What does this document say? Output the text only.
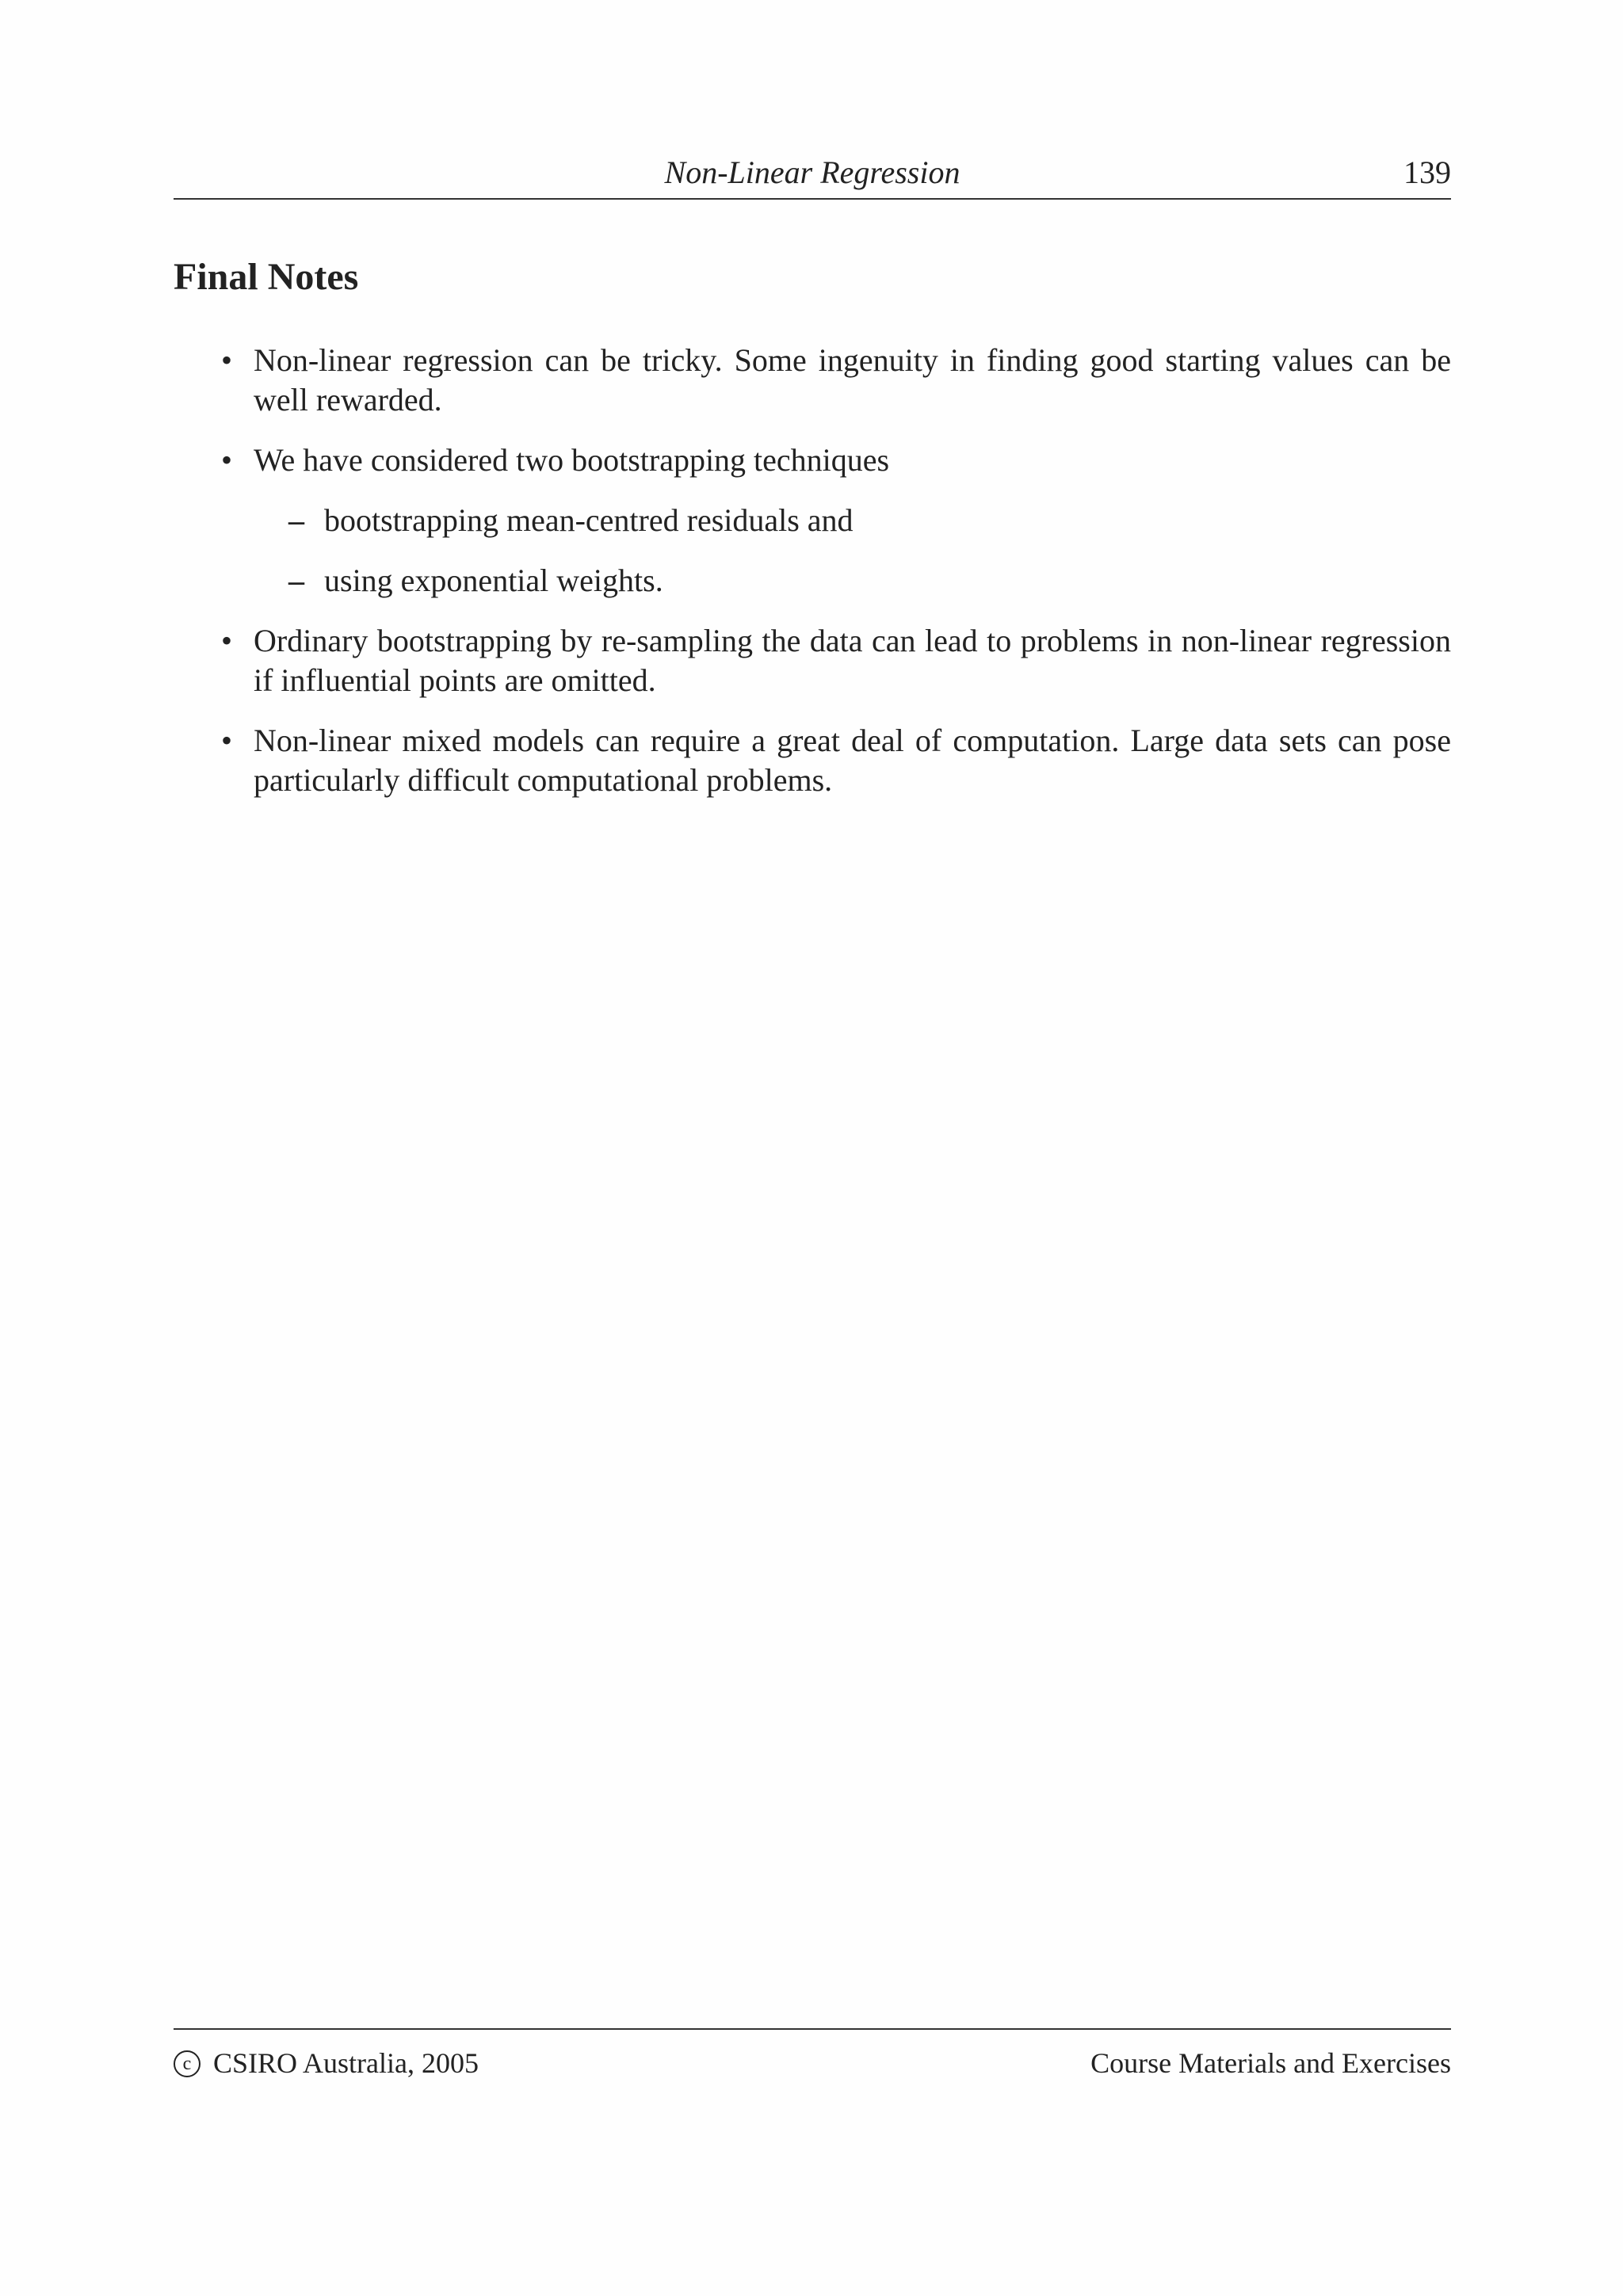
Non-Linear Regression	139
Final Notes
• Non-linear regression can be tricky. Some ingenuity in finding good starting values can be well rewarded.
• We have considered two bootstrapping techniques
– bootstrapping mean-centred residuals and
– using exponential weights.
• Ordinary bootstrapping by re-sampling the data can lead to problems in non-linear regression if influential points are omitted.
• Non-linear mixed models can require a great deal of computation. Large data sets can pose particularly difficult computational problems.
c CSIRO Australia, 2005	Course Materials and Exercises
